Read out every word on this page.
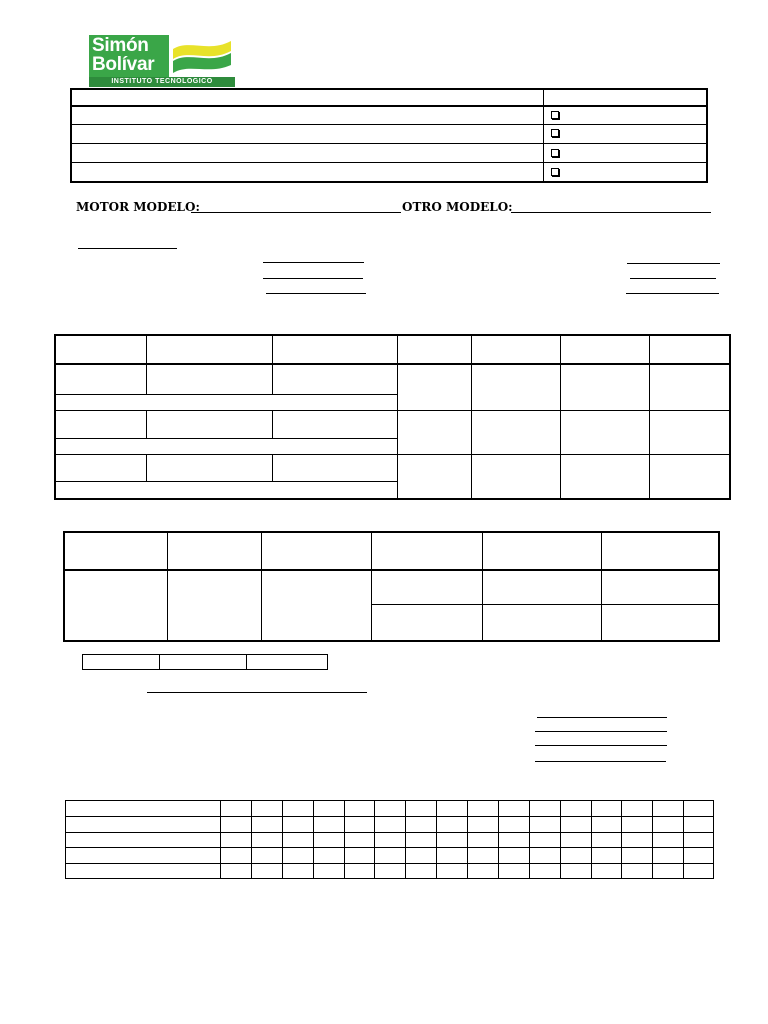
Simón
Bolívar
INSTITUTO TECNOLOGICO
MOTOR MODELO:	OTRO MODELO:
